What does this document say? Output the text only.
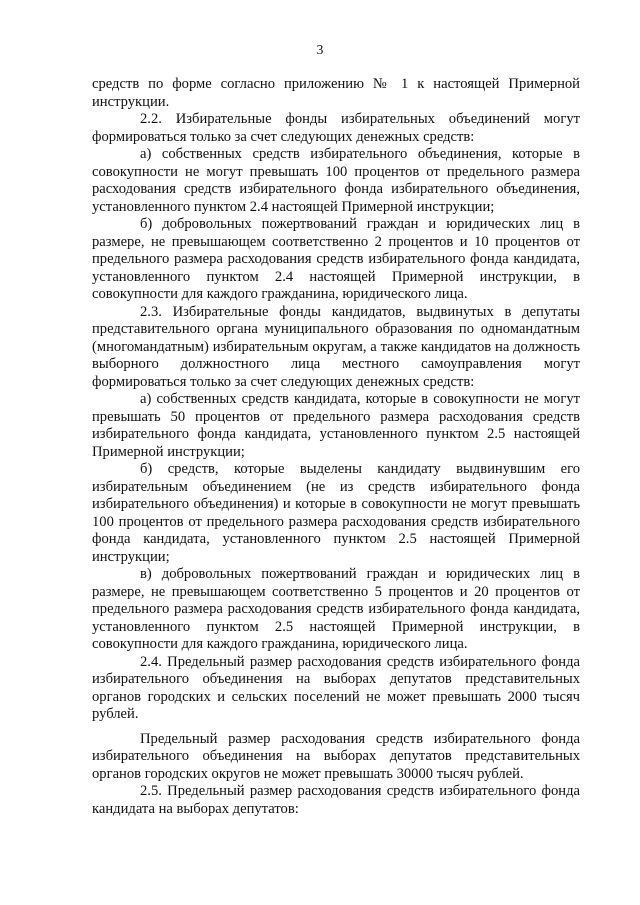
3

средств по форме согласно приложению № 1 к настоящей Примерной инструкции.

2.2. Избирательные фонды избирательных объединений могут формироваться только за счет следующих денежных средств:

а) собственных средств избирательного объединения, которые в совокупности не могут превышать 100 процентов от предельного размера расходования средств избирательного фонда избирательного объединения, установленного пунктом 2.4 настоящей Примерной инструкции;

б) добровольных пожертвований граждан и юридических лиц в размере, не превышающем соответственно 2 процентов и 10 процентов от предельного размера расходования средств избирательного фонда кандидата, установленного пунктом 2.4 настоящей Примерной инструкции, в совокупности для каждого гражданина, юридического лица.

2.3. Избирательные фонды кандидатов, выдвинутых в депутаты представительного органа муниципального образования по одномандатным (многомандатным) избирательным округам, а также кандидатов на должность выборного должностного лица местного самоуправления могут формироваться только за счет следующих денежных средств:

а) собственных средств кандидата, которые в совокупности не могут превышать 50 процентов от предельного размера расходования средств избирательного фонда кандидата, установленного пунктом 2.5 настоящей Примерной инструкции;

б) средств, которые выделены кандидату выдвинувшим его избирательным объединением (не из средств избирательного фонда избирательного объединения) и которые в совокупности не могут превышать 100 процентов от предельного размера расходования средств избирательного фонда кандидата, установленного пунктом 2.5 настоящей Примерной инструкции;

в) добровольных пожертвований граждан и юридических лиц в размере, не превышающем соответственно 5 процентов и 20 процентов от предельного размера расходования средств избирательного фонда кандидата, установленного пунктом 2.5 настоящей Примерной инструкции, в совокупности для каждого гражданина, юридического лица.

2.4. Предельный размер расходования средств избирательного фонда избирательного объединения на выборах депутатов представительных органов городских и сельских поселений не может превышать 2000 тысяч рублей.

Предельный размер расходования средств избирательного фонда избирательного объединения на выборах депутатов представительных органов городских округов не может превышать 30000 тысяч рублей.

2.5. Предельный размер расходования средств избирательного фонда кандидата на выборах депутатов:
